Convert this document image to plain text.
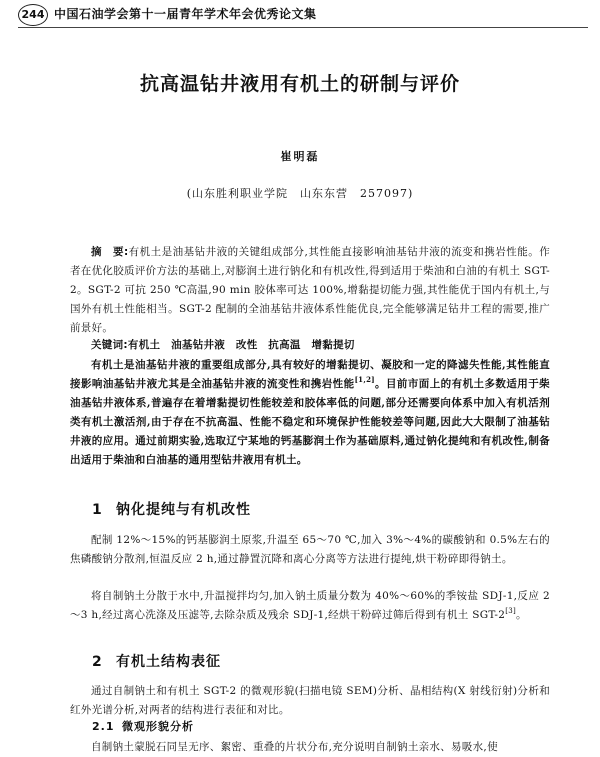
244 中国石油学会第十一届青年学术年会优秀论文集
抗高温钻井液用有机土的研制与评价
崔明磊
(山东胜利职业学院　山东东营　257097)

摘　要:有机土是油基钻井液的关键组成部分,其性能直接影响油基钻井液的流变和携岩性能。作者在优化胶质评价方法的基础上,对膨润土进行钠化和有机改性,得到适用于柴油和白油的有机土 SGT-2。SGT-2 可抗 250 ℃高温,90 min 胶体率可达 100%,增黏提切能力强,其性能优于国内有机土,与国外有机土性能相当。SGT-2 配制的全油基钻井液体系性能优良,完全能够满足钻井工程的需要,推广前景好。

关键词:有机土　油基钻井液　改性　抗高温　增黏提切

有机土是油基钻井液的重要组成部分,具有较好的增黏提切、凝胶和一定的降滤失性能,其性能直接影响油基钻井液尤其是全油基钻井液的流变性和携岩性能[1,2]。目前市面上的有机土多数适用于柴油基钻井液体系,普遍存在着增黏提切性能较差和胶体率低的问题,部分还需要向体系中加入有机活剂类有机土激活剂,由于存在不抗高温、性能不稳定和环境保护性能较差等问题,因此大大限制了油基钻井液的应用。通过前期实验,选取辽宁某地的钙基膨润土作为基础原料,通过钠化提纯和有机改性,制备出适用于柴油和白油基的通用型钻井液用有机土。

1 钠化提纯与有机改性

配制 12%～15%的钙基膨润土原浆,升温至 65～70 ℃,加入 3%～4%的碳酸钠和 0.5%左右的焦磷酸钠分散剂,恒温反应 2 h,通过静置沉降和离心分离等方法进行提纯,烘干粉碎即得钠土。

将自制钠土分散于水中,升温搅拌均匀,加入钠土质量分数为 40%～60%的季铵盐 SDJ-1,反应 2～3 h,经过离心洗涤及压滤等,去除杂质及残余 SDJ-1,经烘干粉碎过筛后得到有机土 SGT-2[3]。

2 有机土结构表征

通过自制钠土和有机土 SGT-2 的微观形貌(扫描电镜 SEM)分析、晶相结构(X 射线衍射)分析和红外光谱分析,对两者的结构进行表征和对比。

2.1 微观形貌分析

自制钠土蒙脱石同呈无序、絮密、重叠的片状分布,充分说明自制钠土亲水、易吸水,使
